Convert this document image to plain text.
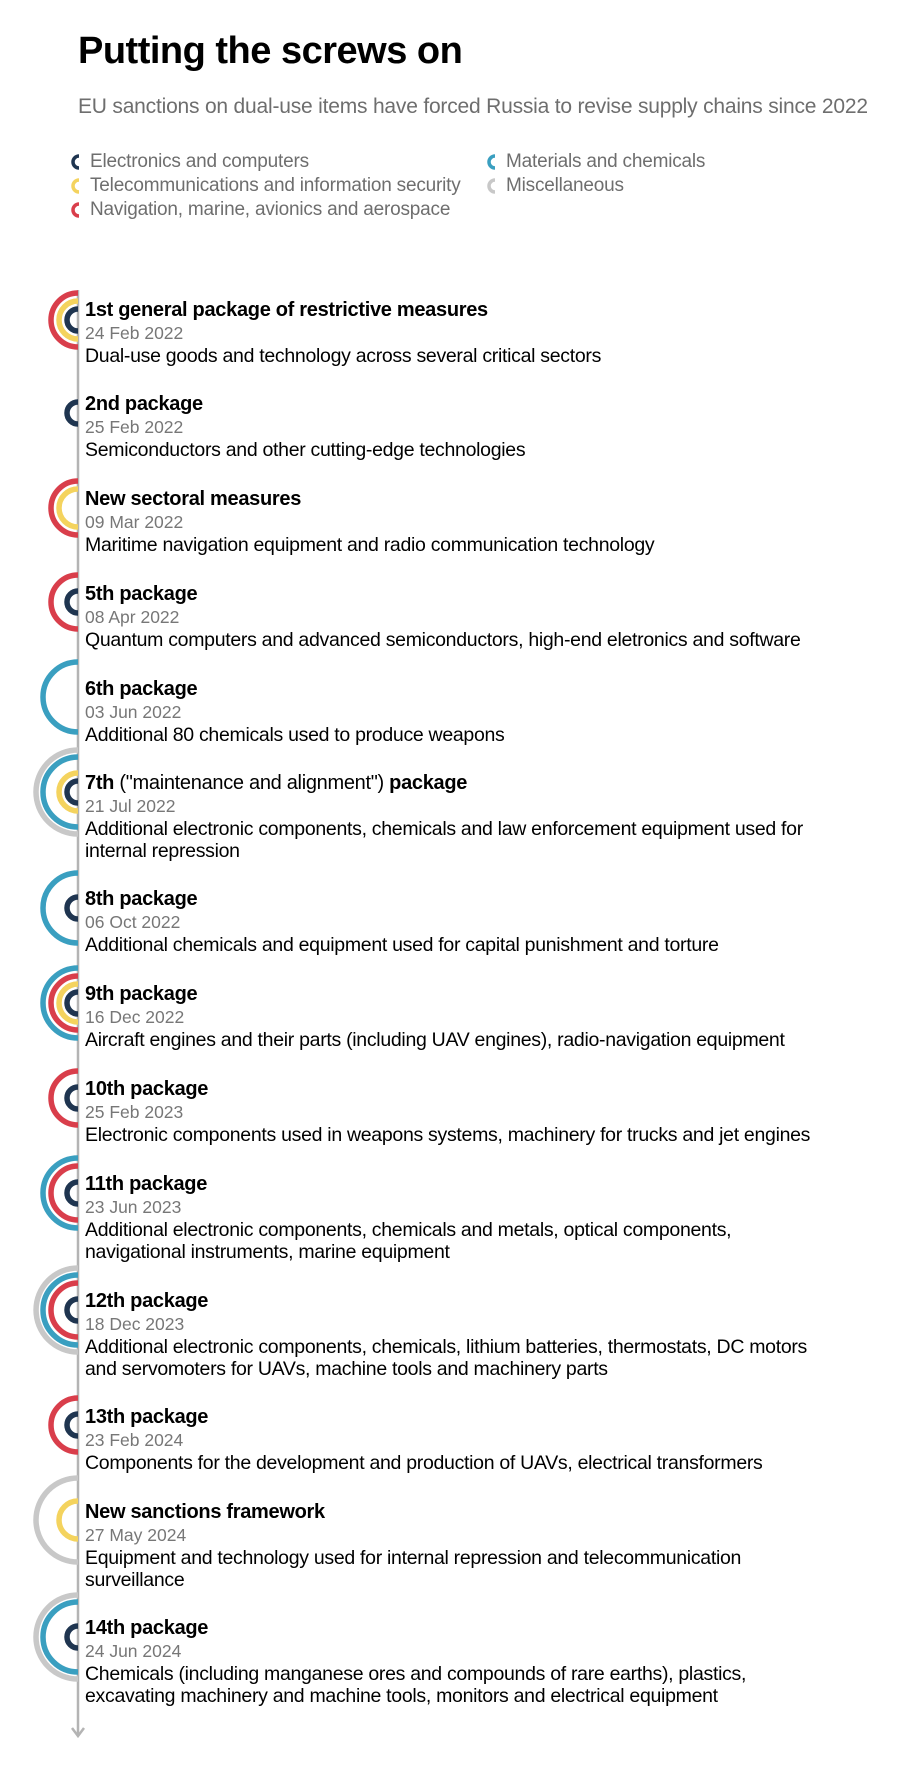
Putting the screws on

EU sanctions on dual-use items have forced Russia to revise supply chains since 2022

Electronics and computers
Telecommunications and information security
Navigation, marine, avionics and aerospace
Materials and chemicals
Miscellaneous
1st general package of restrictive measures
24 Feb 2022
Dual-use goods and technology across several critical sectors
2nd package
25 Feb 2022
Semiconductors and other cutting-edge technologies
New sectoral measures
09 Mar 2022
Maritime navigation equipment and radio communication technology
5th package
08 Apr 2022
Quantum computers and advanced semiconductors, high-end eletronics and software
6th package
03 Jun 2022
Additional 80 chemicals used to produce weapons
7th ("maintenance and alignment") package
21 Jul 2022
Additional electronic components, chemicals and law enforcement equipment used for internal repression
8th package
06 Oct 2022
Additional chemicals and equipment used for capital punishment and torture
9th package
16 Dec 2022
Aircraft engines and their parts (including UAV engines), radio-navigation equipment
10th package
25 Feb 2023
Electronic components used in weapons systems, machinery for trucks and jet engines
11th package
23 Jun 2023
Additional electronic components, chemicals and metals, optical components, navigational instruments, marine equipment
12th package
18 Dec 2023
Additional electronic components, chemicals, lithium batteries, thermostats, DC motors and servomoters for UAVs, machine tools and machinery parts
13th package
23 Feb 2024
Components for the development and production of UAVs, electrical transformers
New sanctions framework
27 May 2024
Equipment and technology used for internal repression and telecommunication surveillance
14th package
24 Jun 2024
Chemicals (including manganese ores and compounds of rare earths), plastics, excavating machinery and machine tools, monitors and electrical equipment
